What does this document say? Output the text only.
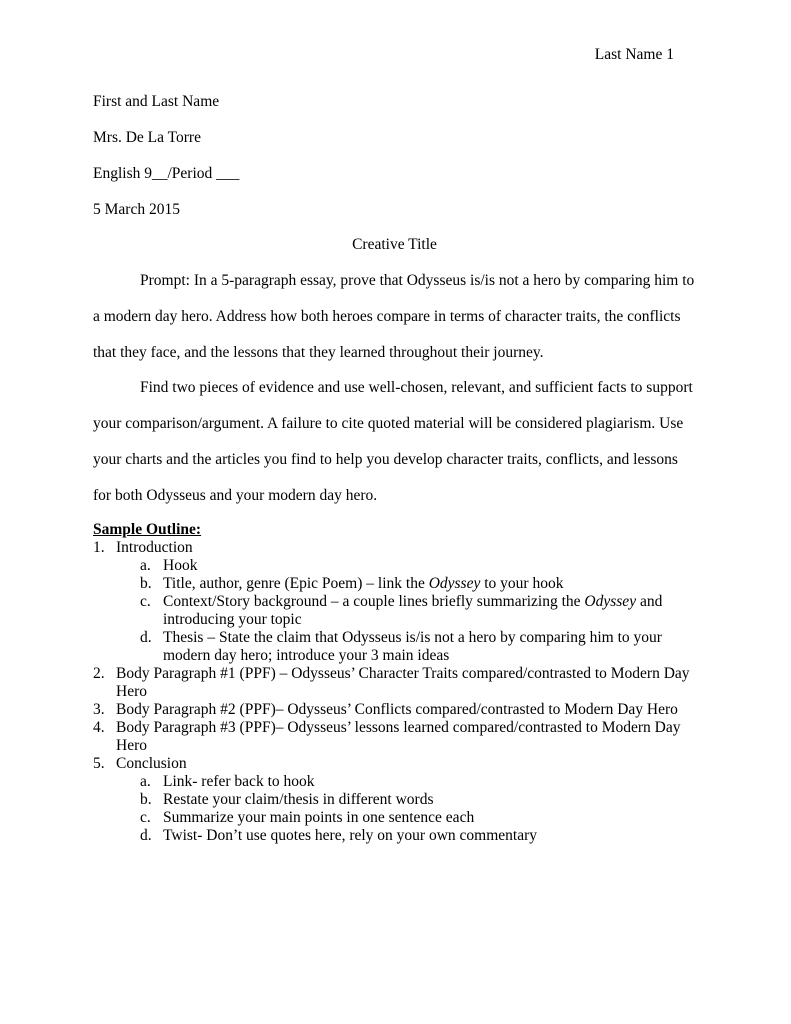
Last Name 1
First and Last Name
Mrs. De La Torre
English 9__/Period ___
5 March 2015
Creative Title

Prompt: In a 5-paragraph essay, prove that Odysseus is/is not a hero by comparing him to
a modern day hero. Address how both heroes compare in terms of character traits, the conflicts
that they face, and the lessons that they learned throughout their journey.

Find two pieces of evidence and use well-chosen, relevant, and sufficient facts to support
your comparison/argument. A failure to cite quoted material will be considered plagiarism. Use
your charts and the articles you find to help you develop character traits, conflicts, and lessons
for both Odysseus and your modern day hero.

Sample Outline:
1. Introduction
a. Hook
b. Title, author, genre (Epic Poem) – link the Odyssey to your hook
c. Context/Story background – a couple lines briefly summarizing the Odyssey and
introducing your topic
d. Thesis – State the claim that Odysseus is/is not a hero by comparing him to your
modern day hero; introduce your 3 main ideas
2. Body Paragraph #1 (PPF) – Odysseus’ Character Traits compared/contrasted to Modern Day
Hero
3. Body Paragraph #2 (PPF)– Odysseus’ Conflicts compared/contrasted to Modern Day Hero
4. Body Paragraph #3 (PPF)– Odysseus’ lessons learned compared/contrasted to Modern Day
Hero
5. Conclusion
a. Link- refer back to hook
b. Restate your claim/thesis in different words
c. Summarize your main points in one sentence each
d. Twist- Don’t use quotes here, rely on your own commentary
